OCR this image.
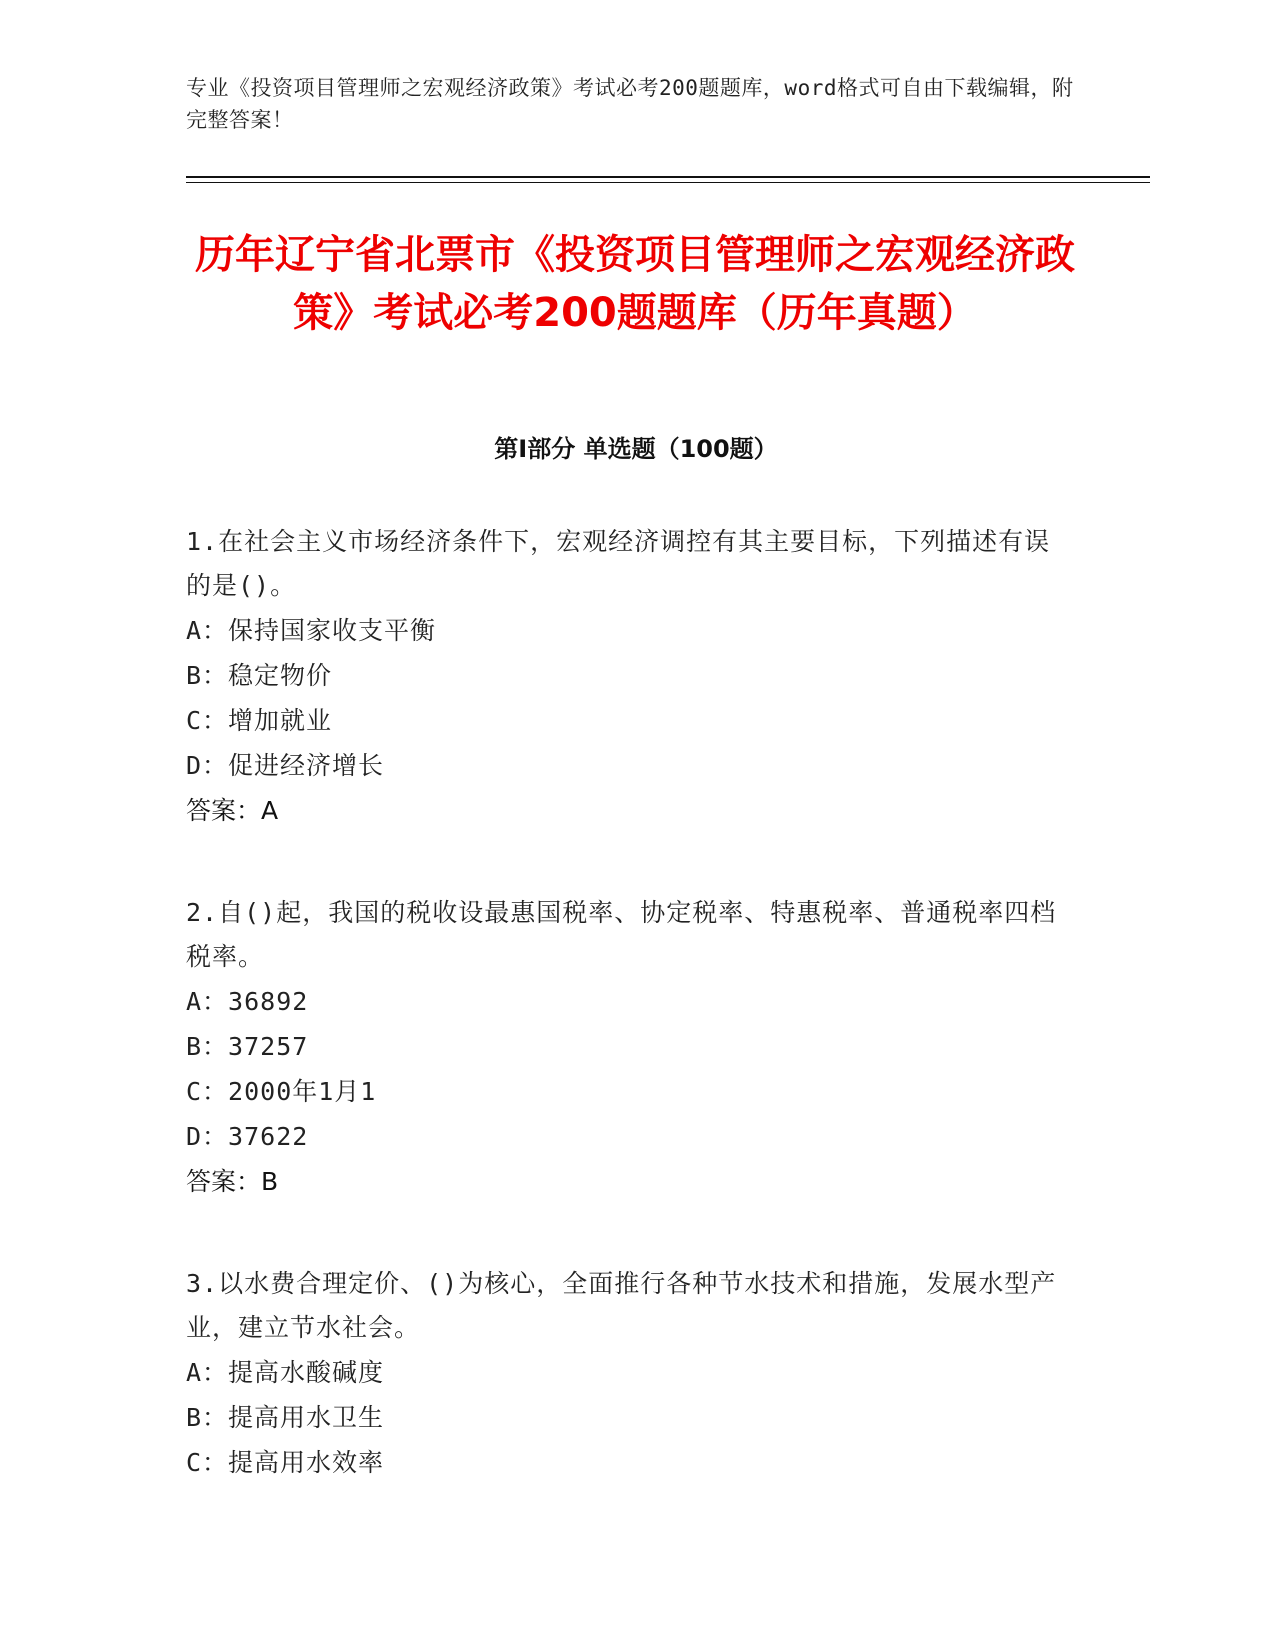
专业《投资项目管理师之宏观经济政策》考试必考200题题库，word格式可自由下载编辑，附完整答案！
历年辽宁省北票市《投资项目管理师之宏观经济政策》考试必考200题题库（历年真题）
第I部分 单选题（100题）
1.在社会主义市场经济条件下，宏观经济调控有其主要目标，下列描述有误的是()。
A：保持国家收支平衡
B：稳定物价
C：增加就业
D：促进经济增长
答案：A
2.自()起，我国的税收设最惠国税率、协定税率、特惠税率、普通税率四档税率。
A：36892
B：37257
C：2000年1月1
D：37622
答案：B
3.以水费合理定价、()为核心，全面推行各种节水技术和措施，发展水型产业，建立节水社会。
A：提高水酸碱度
B：提高用水卫生
C：提高用水效率
